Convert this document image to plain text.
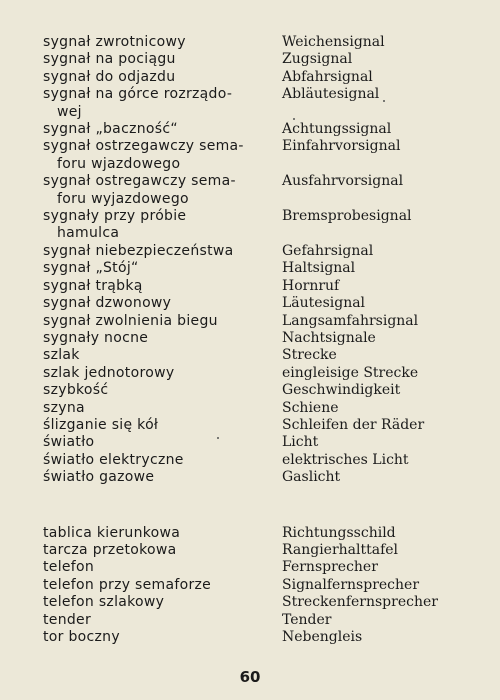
sygnał zwrotnicowy
sygnał na pociągu
sygnał do odjazdu
sygnał na górce rozrządo-
wej
sygnał „baczność“
sygnał ostrzegawczy sema-
foru wjazdowego
sygnał ostregawczy sema-
foru wyjazdowego
sygnały przy próbie
hamulca
sygnał niebezpieczeństwa
sygnał „Stój“
sygnał trąbką
sygnał dzwonowy
sygnał zwolnienia biegu
sygnały nocne
szlak
szlak jednotorowy
szybkość
szyna
ślizganie się kół
światło
światło elektryczne
światło gazowe
tablica kierunkowa
tarcza przetokowa
telefon
telefon przy semaforze
telefon szlakowy
tender
tor boczny
Weichensignal
Zugsignal
Abfahrsignal
Abläutesignal

Achtungssignal
Einfahrvorsignal

Ausfahrvorsignal

Bremsprobesignal

Gefahrsignal
Haltsignal
Hornruf
Läutesignal
Langsamfahrsignal
Nachtsignale
Strecke
eingleisige Strecke
Geschwindigkeit
Schiene
Schleifen der Räder
Licht
elektrisches Licht
Gaslicht
Richtungsschild
Rangierhalttafel
Fernsprecher
Signalfernsprecher
Streckenfernsprecher
Tender
Nebengleis
60
